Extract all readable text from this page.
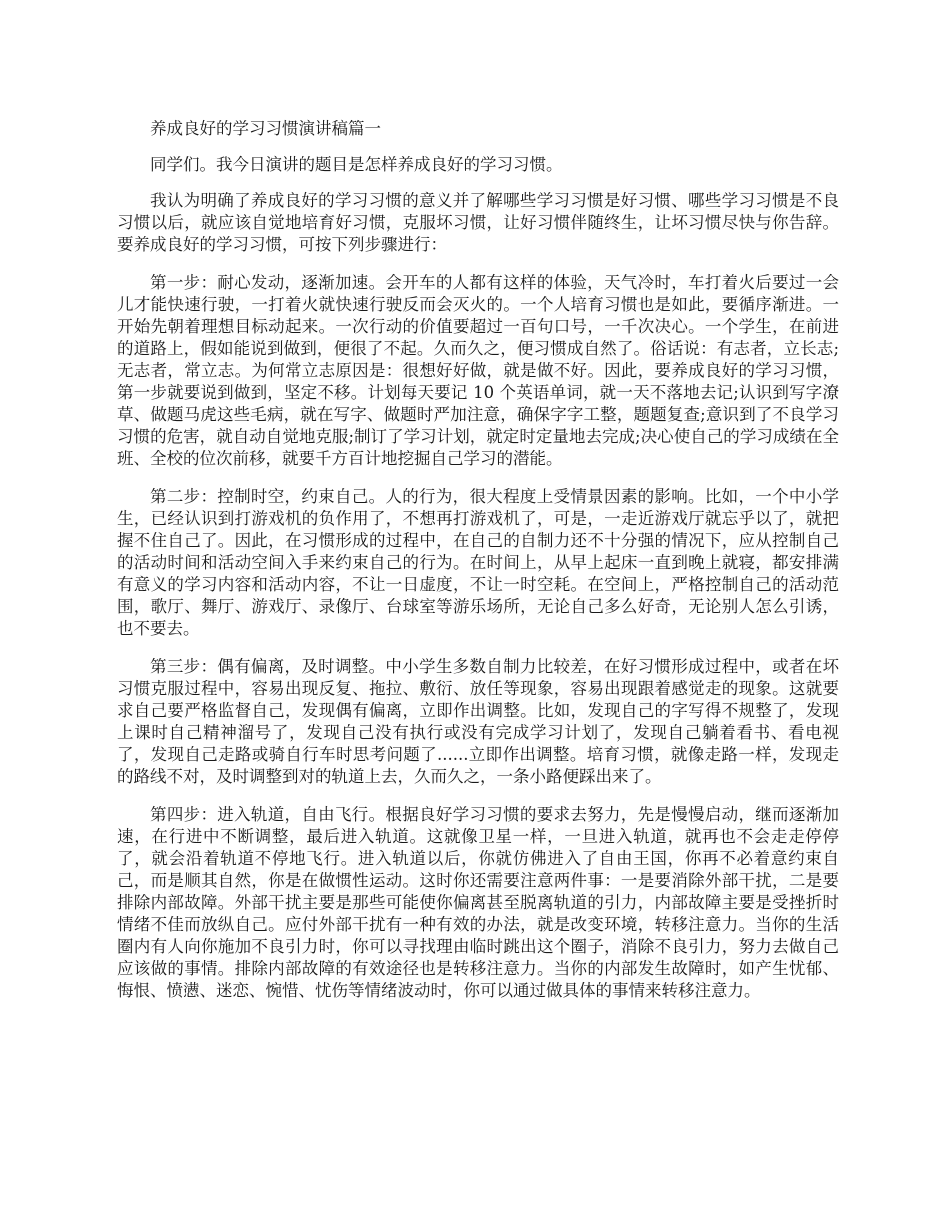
养成良好的学习习惯演讲稿篇一

同学们。我今日演讲的题目是怎样养成良好的学习习惯。

我认为明确了养成良好的学习习惯的意义并了解哪些学习习惯是好习惯、哪些学习习惯是不良习惯以后，就应该自觉地培育好习惯，克服坏习惯，让好习惯伴随终生，让坏习惯尽快与你告辞。要养成良好的学习习惯，可按下列步骤进行：

第一步：耐心发动，逐渐加速。会开车的人都有这样的体验，天气冷时，车打着火后要过一会儿才能快速行驶，一打着火就快速行驶反而会灭火的。一个人培育习惯也是如此，要循序渐进。一开始先朝着理想目标动起来。一次行动的价值要超过一百句口号，一千次决心。一个学生，在前进的道路上，假如能说到做到，便很了不起。久而久之，便习惯成自然了。俗话说：有志者，立长志;无志者，常立志。为何常立志原因是：很想好好做，就是做不好。因此，要养成良好的学习习惯，第一步就要说到做到，坚定不移。计划每天要记 10 个英语单词，就一天不落地去记;认识到写字潦草、做题马虎这些毛病，就在写字、做题时严加注意，确保字字工整，题题复查;意识到了不良学习习惯的危害，就自动自觉地克服;制订了学习计划，就定时定量地去完成;决心使自己的学习成绩在全班、全校的位次前移，就要千方百计地挖掘自己学习的潜能。

第二步：控制时空，约束自己。人的行为，很大程度上受情景因素的影响。比如，一个中小学生，已经认识到打游戏机的负作用了，不想再打游戏机了，可是，一走近游戏厅就忘乎以了，就把握不住自己了。因此，在习惯形成的过程中，在自己的自制力还不十分强的情况下，应从控制自己的活动时间和活动空间入手来约束自己的行为。在时间上，从早上起床一直到晚上就寝，都安排满有意义的学习内容和活动内容，不让一日虚度，不让一时空耗。在空间上，严格控制自己的活动范围，歌厅、舞厅、游戏厅、录像厅、台球室等游乐场所，无论自己多么好奇，无论别人怎么引诱，也不要去。

第三步：偶有偏离，及时调整。中小学生多数自制力比较差，在好习惯形成过程中，或者在坏习惯克服过程中，容易出现反复、拖拉、敷衍、放任等现象，容易出现跟着感觉走的现象。这就要求自己要严格监督自己，发现偶有偏离，立即作出调整。比如，发现自己的字写得不规整了，发现上课时自己精神溜号了，发现自己没有执行或没有完成学习计划了，发现自己躺着看书、看电视了，发现自己走路或骑自行车时思考问题了......立即作出调整。培育习惯，就像走路一样，发现走的路线不对，及时调整到对的轨道上去，久而久之，一条小路便踩出来了。

第四步：进入轨道，自由飞行。根据良好学习习惯的要求去努力，先是慢慢启动，继而逐渐加速，在行进中不断调整，最后进入轨道。这就像卫星一样，一旦进入轨道，就再也不会走走停停了，就会沿着轨道不停地飞行。进入轨道以后，你就仿佛进入了自由王国，你再不必着意约束自己，而是顺其自然，你是在做惯性运动。这时你还需要注意两件事：一是要消除外部干扰，二是要排除内部故障。外部干扰主要是那些可能使你偏离甚至脱离轨道的引力，内部故障主要是受挫折时情绪不佳而放纵自己。应付外部干扰有一种有效的办法，就是改变环境，转移注意力。当你的生活圈内有人向你施加不良引力时，你可以寻找理由临时跳出这个圈子，消除不良引力，努力去做自己应该做的事情。排除内部故障的有效途径也是转移注意力。当你的内部发生故障时，如产生忧郁、悔恨、愤懑、迷恋、惋惜、忧伤等情绪波动时，你可以通过做具体的事情来转移注意力。
